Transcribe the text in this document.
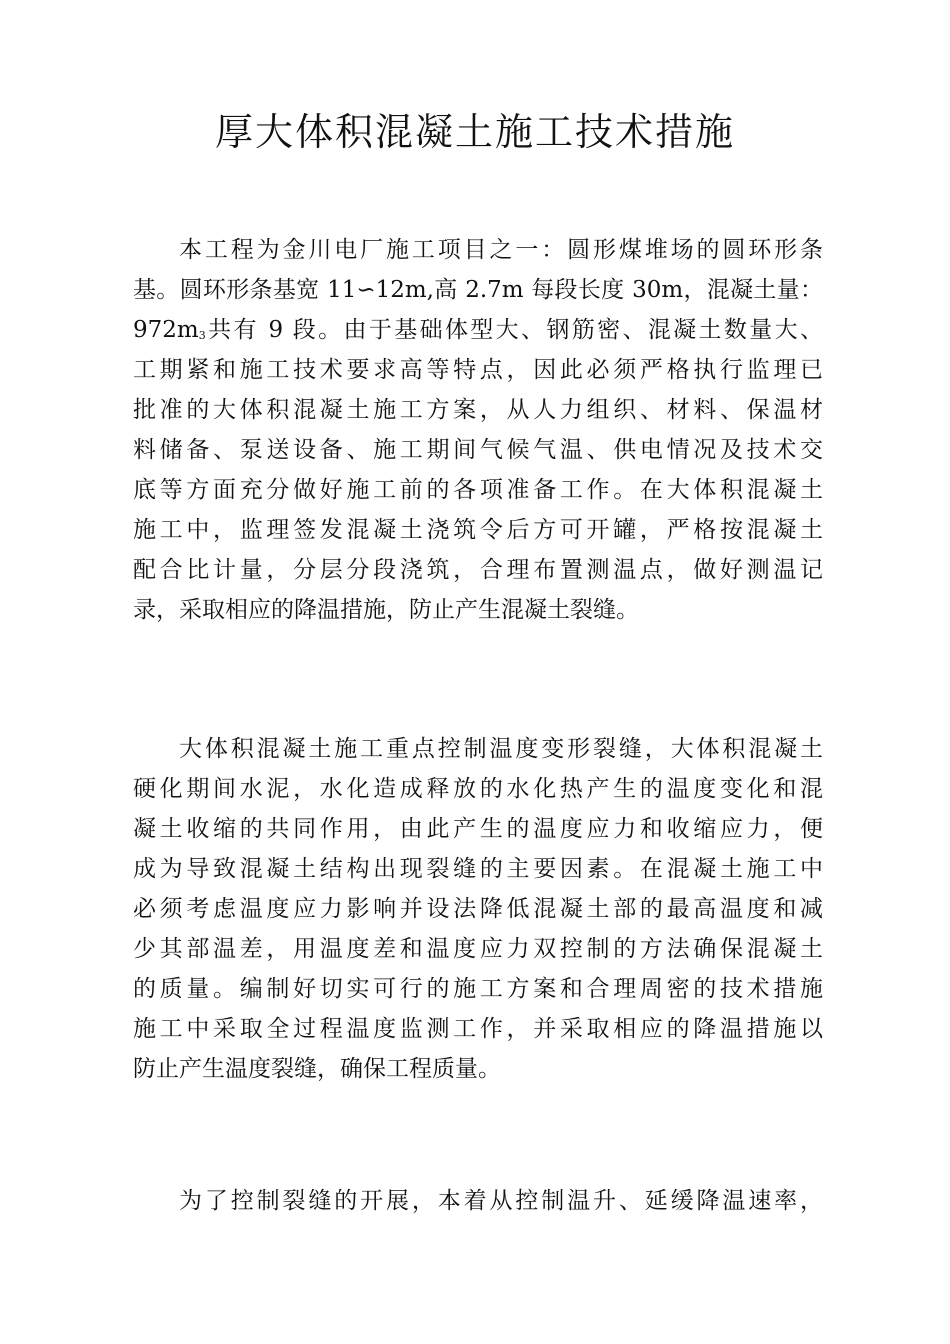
厚大体积混凝土施工技术措施
本工程为金川电厂施工项目之一：圆形煤堆场的圆环形条
基。圆环形条基宽 11∽12m,高 2.7m 每段长度 30m，混凝土量：
972m3共有 9 段。由于基础体型大、钢筋密、混凝土数量大、
工期紧和施工技术要求高等特点，因此必须严格执行监理已
批准的大体积混凝土施工方案，从人力组织、材料、保温材
料储备、泵送设备、施工期间气候气温、供电情况及技术交
底等方面充分做好施工前的各项准备工作。在大体积混凝土
施工中，监理签发混凝土浇筑令后方可开罐，严格按混凝土
配合比计量，分层分段浇筑，合理布置测温点，做好测温记
录，采取相应的降温措施，防止产生混凝土裂缝。
大体积混凝土施工重点控制温度变形裂缝，大体积混凝土
硬化期间水泥，水化造成释放的水化热产生的温度变化和混
凝土收缩的共同作用，由此产生的温度应力和收缩应力，便
成为导致混凝土结构出现裂缝的主要因素。在混凝土施工中
必须考虑温度应力影响并设法降低混凝土部的最高温度和减
少其部温差，用温度差和温度应力双控制的方法确保混凝土
的质量。编制好切实可行的施工方案和合理周密的技术措施
施工中采取全过程温度监测工作，并采取相应的降温措施以
防止产生温度裂缝，确保工程质量。
为了控制裂缝的开展，本着从控制温升、延缓降温速率，
